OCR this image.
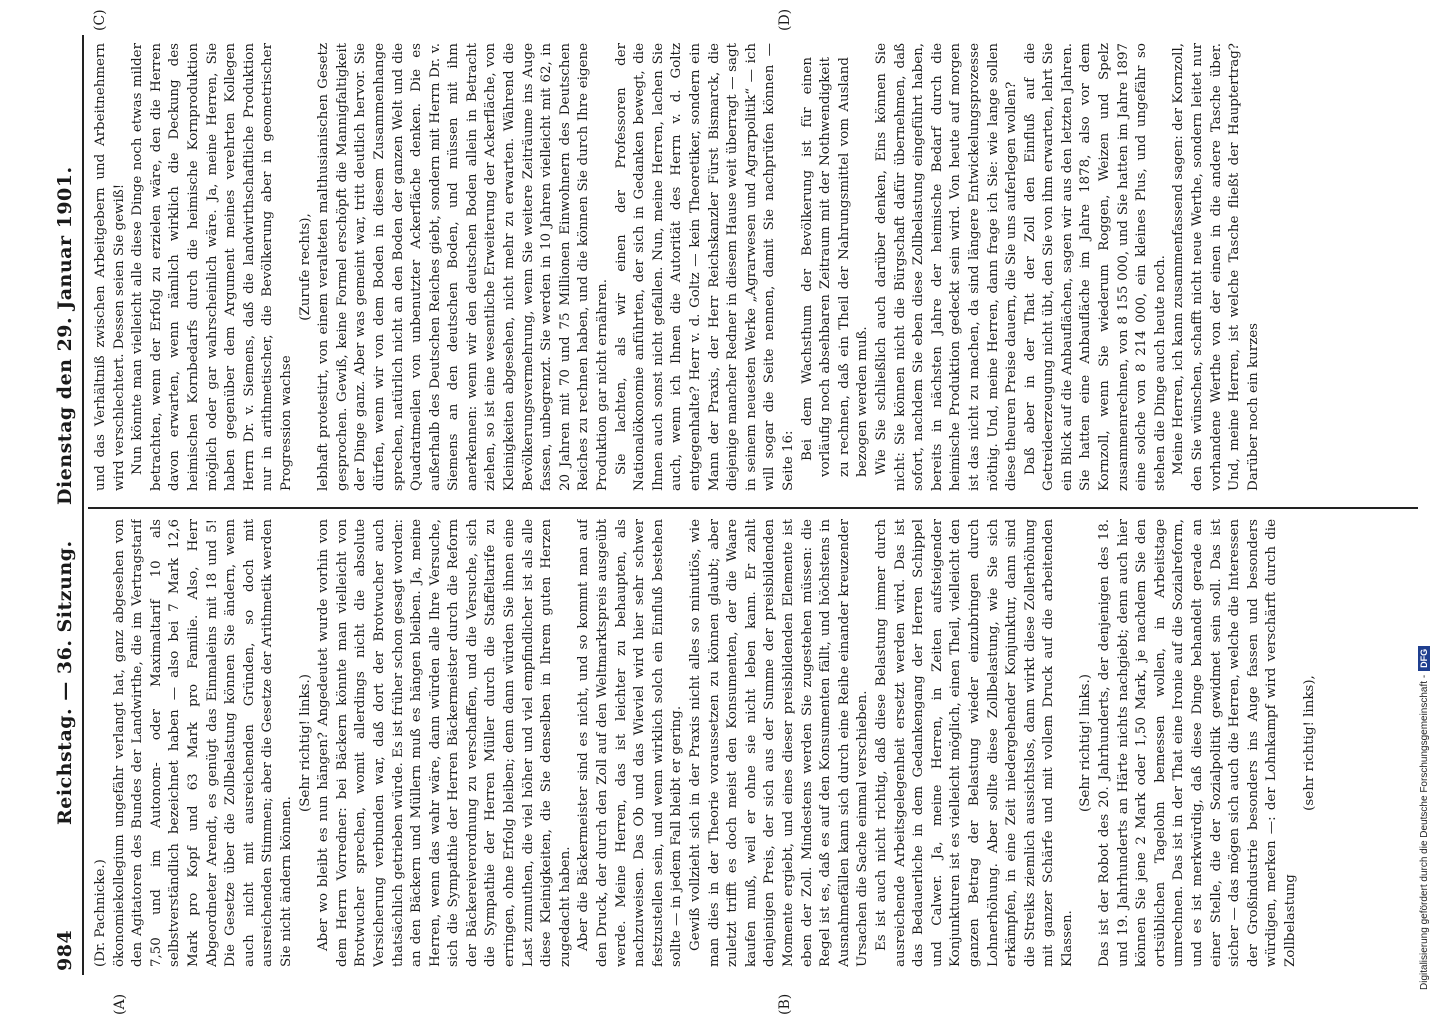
984
Reichstag. — 36. Sitzung.
Dienstag den 29. Januar 1901.
(A)	(B)
(C)	(D)

(Dr. Pachnicke.) ökonomiekollegium ungefähr verlangt hat, ganz abgesehen von den Agitatoren des Bundes der Landwirthe, die im Vertragstarif 7,50 und im Autonom- oder Maximaltarif 10 als selbstverständlich bezeichnet haben — also bei 7 Mark 12,6 Mark pro Kopf und 63 Mark pro Familie. Also, Herr Abgeordneter Arendt, es genügt das Einmaleins mit 18 und 5! Die Gesetze über die Zollbelastung können Sie ändern, wenn auch nicht mit ausreichenden Gründen, so doch mit ausreichenden Stimmen; aber die Gesetze der Arithmetik werden Sie nicht ändern können.

(Sehr richtig! links.) Aber wo bleibt es nun hängen? Angedeutet wurde vorhin von dem Herrn Vorredner: bei Bäckern könnte man vielleicht von Brotwucher sprechen, womit allerdings nicht die absolute Versicherung verbunden war, daß dort der Brotwucher auch thatsächlich getrieben würde. Es ist früher schon gesagt worden: an den Bäckern und Müllern muß es hängen bleiben. Ja, meine Herren, wenn das wahr wäre, dann würden alle Ihre Versuche, sich die Sympathie der Herren Bäckermeister durch die Reform der Bäckereiverordnung zu verschaffen, und die Versuche, sich die Sympathie der Herren Müller durch die Staffeltarife zu erringen, ohne Erfolg bleiben; denn dann würden Sie ihnen eine Last zumuthen, die viel höher und viel empfindlicher ist als alle diese Kleinigkeiten, die Sie denselben in Ihrem guten Herzen zugedacht haben. Aber die Bäckermeister sind es nicht, und so kommt man auf den Druck, der durch den Zoll auf den Weltmarktspreis ausgeübt werde. Meine Herren, das ist leichter zu behaupten, als nachzuweisen. Das Ob und das Wieviel wird hier sehr schwer festzustellen sein, und wenn wirklich solch ein Einfluß bestehen sollte — in jedem Fall bleibt er gering. Gewiß vollzieht sich in der Praxis nicht alles so minutiös, wie man dies in der Theorie voraussetzen zu können glaubt; aber zuletzt trifft es doch meist den Konsumenten, der die Waare kaufen muß, weil er ohne sie nicht leben kann. Er zahlt denjenigen Preis, der sich aus der Summe der preisbildenden Momente ergiebt, und eines dieser preisbildenden Elemente ist eben der Zoll. Mindestens werden Sie zugestehen müssen: die Regel ist es, daß es auf den Konsumenten fällt, und höchstens in Ausnahmefällen kann sich durch eine Reihe einander kreuzender Ursachen die Sache einmal verschieben. Es ist auch nicht richtig, daß diese Belastung immer durch ausreichende Arbeitsgelegenheit ersetzt werden wird. Das ist das Bedauerliche in dem Gedankengang der Herren Schippel und Calwer. Ja, meine Herren, in Zeiten aufsteigender Konjunkturen ist es vielleicht möglich, einen Theil, vielleicht den ganzen Betrag der Belastung wieder einzubringen durch Lohnerhöhung. Aber sollte diese Zollbelastung, wie Sie sich erkämpfen, in eine Zeit niedergehender Konjunktur, dann sind die Streiks ziemlich aussichtslos, dann wirkt diese Zollerhöhung mit ganzer Schärfe und mit vollem Druck auf die arbeitenden Klassen.

(Sehr richtig! links.) Das ist der Robot des 20. Jahrhunderts, der denjenigen des 18. und 19. Jahrhunderts an Härte nichts nachgiebt; denn auch hier können Sie jene 2 Mark oder 1,50 Mark, je nachdem Sie den ortsüblichen Tagelohn bemessen wollen, in Arbeitstage umrechnen. Das ist in der That eine Ironie auf die Sozialreform, und es ist merkwürdig, daß diese Dinge behandelt gerade an einer Stelle, die der Sozialpolitik gewidmet sein soll. Das ist sicher — das mögen sich auch die Herren, welche die Interessen der Großindustrie besonders ins Auge fassen und besonders würdigen, merken —: der Lohnkampf wird verschärft durch die Zollbelastung

(sehr richtig! links),

und das Verhältniß zwischen Arbeitgebern und Arbeitnehmern wird verschlechtert. Dessen seien Sie gewiß! Nun könnte man vielleicht alle diese Dinge noch etwas milder betrachten, wenn der Erfolg zu erzielen wäre, den die Herren davon erwarten, wenn nämlich wirklich die Deckung des heimischen Kornbedarfs durch die heimische Kornproduktion möglich oder gar wahrscheinlich wäre. Ja, meine Herren, Sie haben gegenüber dem Argument meines verehrten Kollegen Herrn Dr. v. Siemens, daß die landwirthschaftliche Produktion nur in arithmetischer, die Bevölkerung aber in geometrischer Progression wachse

(Zurufe rechts), lebhaft protestirt, von einem veralteten malthusianischen Gesetz gesprochen. Gewiß, keine Formel erschöpft die Mannigfaltigkeit der Dinge ganz. Aber was gemeint war, tritt deutlich hervor. Sie dürfen, wenn wir von dem Boden in diesem Zusammenhange sprechen, natürlich nicht an den Boden der ganzen Welt und die Quadratmeilen von unbenutzter Ackerfläche denken. Die es außerhalb des Deutschen Reiches giebt, sondern mit Herrn Dr. v. Siemens an den deutschen Boden, und müssen mit ihm anerkennen: wenn wir den deutschen Boden allein in Betracht ziehen, so ist eine wesentliche Erweiterung der Ackerfläche, von Kleinigkeiten abgesehen, nicht mehr zu erwarten. Während die Bevölkerungsvermehrung, wenn Sie weitere Zeiträume ins Auge fassen, unbegrenzt. Sie werden in 10 Jahren vielleicht mit 62, in 20 Jahren mit 70 und 75 Millionen Einwohnern des Deutschen Reiches zu rechnen haben, und die können Sie durch Ihre eigene Produktion gar nicht ernähren. Sie lachten, als wir einen der Professoren der Nationalökonomie anführten, der sich in Gedanken bewegt, die Ihnen auch sonst nicht gefallen. Nun, meine Herren, lachen Sie auch, wenn ich Ihnen die Autorität des Herrn v. d. Goltz entgegenhalte? Herr v. d. Goltz — kein Theoretiker, sondern ein Mann der Praxis, der Herr Reichskanzler Fürst Bismarck, die diejenige mancher Redner in diesem Hause weit überragt — sagt in seinem neuesten Werke „Agrarwesen und Agrarpolitik“ — ich will sogar die Seite nennen, damit Sie nachprüfen können — Seite 16: Bei dem Wachsthum der Bevölkerung ist für einen vorläufig noch absehbaren Zeitraum mit der Nothwendigkeit zu rechnen, daß ein Theil der Nahrungsmittel vom Ausland bezogen werden muß. Wie Sie schließlich auch darüber denken, Eins können Sie nicht: Sie können nicht die Bürgschaft dafür übernehmen, daß sofort, nachdem Sie eben diese Zollbelastung eingeführt haben, bereits in nächsten Jahre der heimische Bedarf durch die heimische Produktion gedeckt sein wird. Von heute auf morgen ist das nicht zu machen, da sind längere Entwickelungsprozesse nöthig. Und, meine Herren, dann frage ich Sie: wie lange sollen diese theuren Preise dauern, die Sie uns auferlegen wollen? Daß aber in der That der Zoll den Einfluß auf die Getreideerzeugung nicht übt, den Sie von ihm erwarten, lehrt Sie ein Blick auf die Anbauflächen, sagen wir aus den letzten Jahren. Sie hatten eine Anbaufläche im Jahre 1878, also vor dem Kornzoll, wenn Sie wiederum Roggen, Weizen und Spelz zusammenrechnen, von 8 155 000, und Sie hatten im Jahre 1897 eine solche von 8 214 000, ein kleines Plus, und ungefähr so stehen die Dinge auch heute noch. Meine Herren, ich kann zusammenfassend sagen: der Kornzoll, den Sie wünschen, schafft nicht neue Werthe, sondern leitet nur vorhandene Werthe von der einen in die andere Tasche über. Und, meine Herren, ist welche Tasche fließt der Hauptertrag? Darüber noch ein kurzes

Digitalisierung gefördert durch die Deutsche Forschungsgemeinschaft -
DFG
